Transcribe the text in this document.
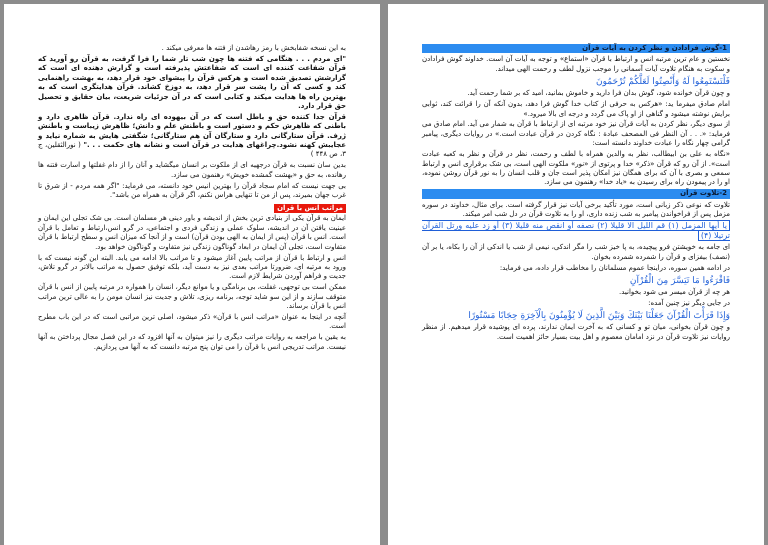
به این نسخه شفابخش با رمز رهاشدن از فتنه ها معرفی میکند .

"ای مردم . . . هنگامی که فتنه ها چون شب تار شما را فرا گرفت، به قرآن رو آورید که قرآن شفاعت کننده ای است که شفاعتش پذیرفته است و گزارش دهنده ای است که گزارشش تصدیق شده است و هرکس قرآن را پیشوای خود قرار دهد، به بهشت راهنمایی کند و کسی که آن را پشت سر قرار دهد، به دوزخ کشاند. قرآن هدایتگری است که به بهترین راه ها هدایت میکند و کتابی است که در آن جزئیات شریعت، بیان حقایق و تحصیل حق قرار دارد.

قرآن جدا کننده حق و باطل است که در آن بیهوده ای راه ندارد. قرآن ظاهری دارد و باطنی که ظاهرش حکم و دستور است و باطنش علم و دانش؛ ظاهرش زیباست و باطنش ژرف. قرآن ستارگانی دارد و ستارگان آن هم ستارگانی؛ شگفتی هایش به شماره نیاید و عجایبش کهنه نشود.چراغهای هدایت در قرآن است و نشانه های حکمت . . ." ( نورالثقلین، ج ۳، ص ۴۴۸ )

بدین سان نسبت به قرآن درجهیه ای از ملکوت بر انسان میگشاید و آنان را از دام غفلتها و اسارت فتنه ها رهانده، به حق و «بهشت گمشده خویش» رهنمون می سازد.

بی جهت نیست که امام سجاد قرآن را بهترین انیس خود دانسته، می فرماید: "اگر همه مردم - از شرق تا غرب جهان بمیرند، پس از من تا تنهایی هراس نکنم، اگر قرآن به همراه من باشد".

مراتب انس با قرآن

ایمان به قرآن یکی از بنیادی ترین بخش از اندیشه و باور دینی هر مسلمان است. بی شک تجلی این ایمان و عینیت یافتن آن در اندیشه، سلوک عملی و زندگی فردی و اجتماعی، در گرو انس،ارتباط و تعامل با قرآن است. انس با قرآن (پس از ایمان به الهی بودن قرآن) است و از آنجا که میزان انس و سطح ارتباط با قرآن متفاوت است، تجلی آن ایمان در ابعاد گوناگون زندگی نیز متفاوت و گوناگون خواهد بود.

انس و ارتباط با قرآن از مراتب پایین آغاز میشود و تا مراتب بالا ادامه می یابد. البته این گونه نیست که با ورود به مرتبه ای، ضرورتا مراتب بعدی نیز به دست آید، بلکه توفیق حصول به مراتب بالاتر در گرو تلاش، جدیت و فراهم آوردن شرایط لازم است.

ممکن است بی توجهی، غفلت، بی برنامگی و یا موانع دیگر، انسان را همواره در مرتبه پایین از انس با قرآن متوقف سازند و از این سو شاید توجه، برنامه ریزی، تلاش و جدیت نیز انسان مومن را به عالی ترین مراتب انس با قرآن برساند.

آنچه در اینجا به عنوان «مراتب انس با قرآن» ذکر میشود، اصلی ترین مراتبی است که در این باب مطرح است.

به یقین با مراجعه به روایات مراتب دیگری را نیز میتوان به آنها افزود که در این فصل مجال پرداختن به آنها نیست. مراتب تدریجی انس با قرآن را می توان پنج مرتبه دانست که به آنها می پردازیم.

1-گوش فرادادن و نظر کردن به آیات قرآن

نخستین و عام ترین مرتبه انس و ارتباط با قرآن «استماع» و توجه به آیات آن است. خداوند گوش فرادادن و سکوت به هنگام تلاوت آیات آسمانی را موجب نزول لطف و رحمت الهی میداند.

فَلْتَسْتَمِعُوا لَهُ وَأَنْصِتُوا لَعَلَّكُمْ تُرْحَمُونَ

و چون قرآن خوانده شود، گوش بدان فرا دارید و خاموش بمانید، امید که بر شما رحمت آید.

امام صادق میفرما ید: «هرکس به حرفی از کتاب خدا گوش فرا دهد، بدون آنکه آن را قرائت کند، ثوابی برایش نوشته میشود و گناهی از او پاک می گردد و درجه ای بالا میرود.»

از سوی دیگر، نظر کردن به آیات قرآن نیز خود مرتبه ای از ارتباط با قرآن به شمار می آید. امام صادق می فرماید: «. . . آن النظر فی المصحف عبادة : نگاه کردن در قرآن عبادت است.» در روایات دیگری، پیامبر گرامی چهار نگاه را عبادت خداوند دانسته است:

«نگاه به علی بن ابیطالب، نظر به والدین همراه با لطف و رحمت، نظر در قرآن و نظر به کعبه عبادت است». از آن رو که قرآن «ذکر» خدا و پرتوی از «نور» ملکوت الهی است، بی شک برقراری انس و ارتباط سمعی و بصری با آن که برای همگان نیز امکان پذیر است جان و قلب انسان را به نور قرآن روشن نموده، او را در پیمودن راه برای رسیدن به «یاد خدا» رهنمون می سازد.

2-تلاوت قرآن

تلاوت که نوعی ذکر زبانی است، مورد تأکید برخی آیات نیز قرار گرفته است. برای مثال، خداوند در سوره مزمل پس از فراخواندن پیامبر به شب زنده داری، او را به تلاوت قرآن در دل شب امر میکند.

یا أیها المزمل (۱) قم اللیل الا قلیلا (۲) نصفه أو انقص منه قلیلا (۳) أو زد علیه ورتل القرآن ترتیلا (۴)

ای جامه به خویشتن فرو پیچیده، به پا خیز شب را مگر اندکی، نیمی از شب یا اندکی از آن را بکاه، یا بر آن (نصف) بیفزای و قرآن را شمرده شمرده بخوان.

در ادامه همین سوره، دراینجا عموم مسلمانان را مخاطب قرار داده، می فرماید:

فَاقْرَءُوا مَا تَيَسَّرَ مِنَ الْقُرْآنِ

هر چه از قرآن میسر می شود بخوانید.

در جایی دیگر نیز چنین آمده:

وَإِذَا قَرَأْتَ الْقُرْآنَ جَعَلْنَا بَيْنَكَ وَبَيْنَ الَّذِينَ لَا يُؤْمِنُونَ بِالْآخِرَةِ حِجَابًا مَسْتُورًا

و چون قرآن بخوانی، میان تو و کسانی که به آخرت ایمان ندارند، پرده ای پوشیده قرار میدهیم. از منظر روایات نیز تلاوت قرآن در نزد امامان معصوم و اهل بیت بسیار حائز اهمیت است.
